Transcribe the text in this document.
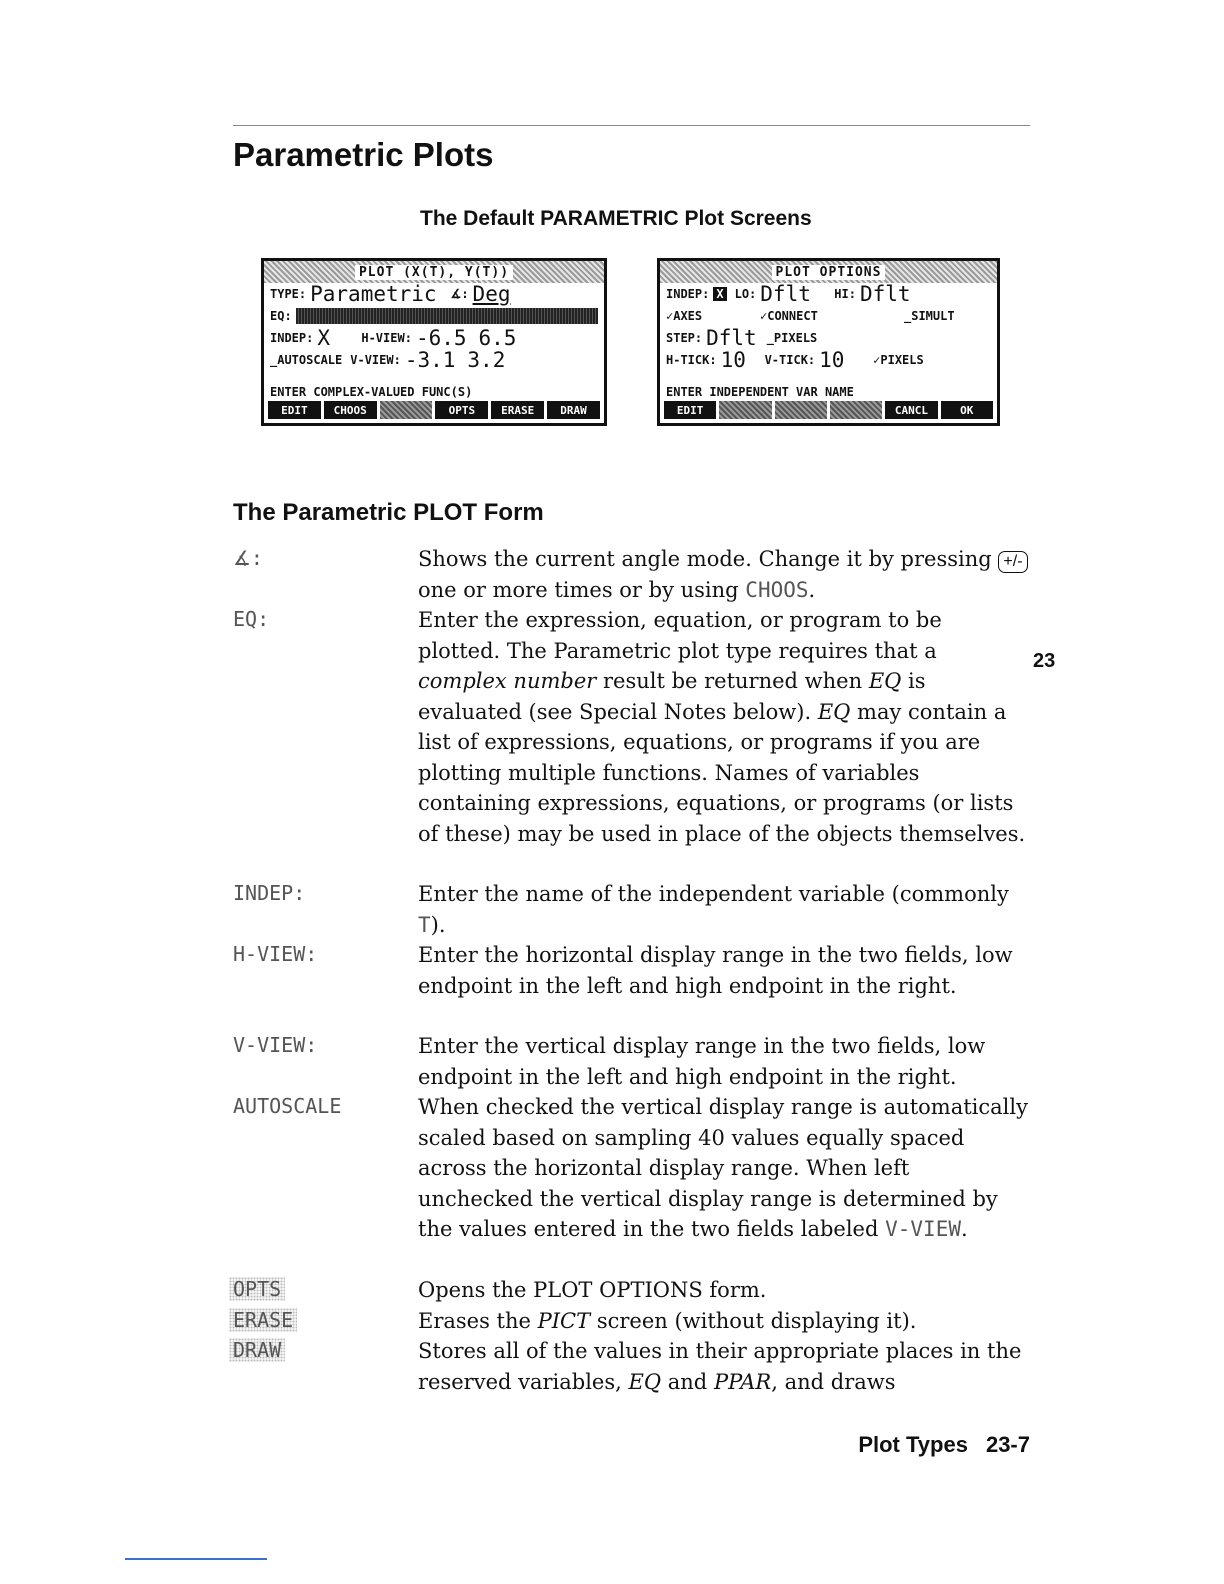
Parametric Plots
The Default PARAMETRIC Plot Screens
PLOT (X(T), Y(T))
TYPE: Parametric ∡: Deg
EQ:
INDEP: X	H-VIEW: -6.5 6.5
_AUTOSCALE V-VIEW: -3.1 3.2
ENTER COMPLEX-VALUED FUNC(S)
EDIT	CHOOS	OPTS	ERASE	DRAW
PLOT OPTIONS
INDEP: X LO: Dflt	HI: Dflt
✓AXES	✓CONNECT	_SIMULT
STEP: Dflt _PIXELS
H-TICK: 10	V-TICK: 10	✓PIXELS
ENTER INDEPENDENT VAR NAME
EDIT	CANCL	OK
The Parametric PLOT Form
∡:	Shows the current angle mode. Change it by pressing +/- one or more times or by using CHOOS.
EQ:	Enter the expression, equation, or program to be plotted. The Parametric plot type requires that a complex number result be returned when EQ is evaluated (see Special Notes below). EQ may contain a list of expressions, equations, or programs if you are plotting multiple functions. Names of variables containing expressions, equations, or programs (or lists of these) may be used in place of the objects themselves.
INDEP:	Enter the name of the independent variable (commonly T).
H-VIEW:	Enter the horizontal display range in the two fields, low endpoint in the left and high endpoint in the right.
V-VIEW:	Enter the vertical display range in the two fields, low endpoint in the left and high endpoint in the right.
AUTOSCALE	When checked the vertical display range is automatically scaled based on sampling 40 values equally spaced across the horizontal display range. When left unchecked the vertical display range is determined by the values entered in the two fields labeled V-VIEW.
OPTS	Opens the PLOT OPTIONS form.
ERASE	Erases the PICT screen (without displaying it).
DRAW	Stores all of the values in their appropriate places in the reserved variables, EQ and PPAR, and draws
23
Plot Types 23-7
